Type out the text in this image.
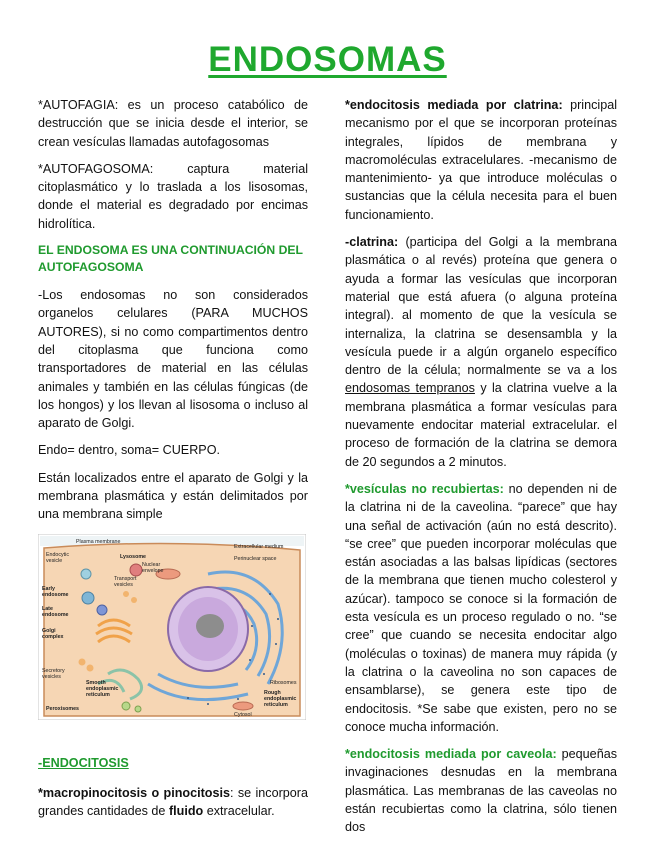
ENDOSOMAS

*AUTOFAGIA: es un proceso catabólico de destrucción que se inicia desde el interior, se crean vesículas llamadas autofagosomas

*AUTOFAGOSOMA: captura material citoplasmático y lo traslada a los lisosomas, donde el material es degradado por encimas hidrolítica.

EL ENDOSOMA ES UNA CONTINUACIÓN DEL AUTOFAGOSOMA

-Los endosomas no son considerados organelos celulares (PARA MUCHOS AUTORES), si no como compartimentos dentro del citoplasma que funciona como transportadores de material en las células animales y también en las células fúngicas (de los hongos) y los llevan al lisosoma o incluso al aparato de Golgi.

Endo= dentro, soma= CUERPO.

Están localizados entre el aparato de Golgi y la membrana plasmática y están delimitados por una membrana simple

Plasma membrane
Extracellular medium
Endocytic
vesicle
Lysosome
Nuclear
envelope
Perinuclear space
Transport
vesicles
Early
endosome
Late
endosome
Golgi
complex
Secretory
vesicles
Smooth
endoplasmic
reticulum
Peroxisomes
Ribosomes
Rough
endoplasmic
reticulum
Cytosol

-ENDOCITOSIS

*macropinocitosis o pinocitosis: se incorpora grandes cantidades de fluido extracelular.

*endocitosis mediada por clatrina: principal mecanismo por el que se incorporan proteínas integrales, lípidos de membrana y macromoléculas extracelulares. -mecanismo de mantenimiento- ya que introduce moléculas o sustancias que la célula necesita para el buen funcionamiento.

-clatrina: (participa del Golgi a la membrana plasmática o al revés) proteína que genera o ayuda a formar las vesículas que incorporan material que está afuera (o alguna proteína integral). al momento de que la vesícula se internaliza, la clatrina se desensambla y la vesícula puede ir a algún organelo específico dentro de la célula; normalmente se va a los endosomas tempranos y la clatrina vuelve a la membrana plasmática a formar vesículas para nuevamente endocitar material extracelular. el proceso de formación de la clatrina se demora de 20 segundos a 2 minutos.

*vesículas no recubiertas: no dependen ni de la clatrina ni de la caveolina. “parece” que hay una señal de activación (aún no está descrito). “se cree” que pueden incorporar moléculas que están asociadas a las balsas lipídicas (sectores de la membrana que tienen mucho colesterol y azúcar). tampoco se conoce si la formación de esta vesícula es un proceso regulado o no. “se cree” que cuando se necesita endocitar algo (moléculas o toxinas) de manera muy rápida (y la clatrina o la caveolina no son capaces de ensamblarse), se genera este tipo de endocitosis. *Se sabe que existen, pero no se conoce mucha información.

*endocitosis mediada por caveola: pequeñas invaginaciones desnudas en la membrana plasmática. Las membranas de las caveolas no están recubiertas como la clatrina, sólo tienen dos
